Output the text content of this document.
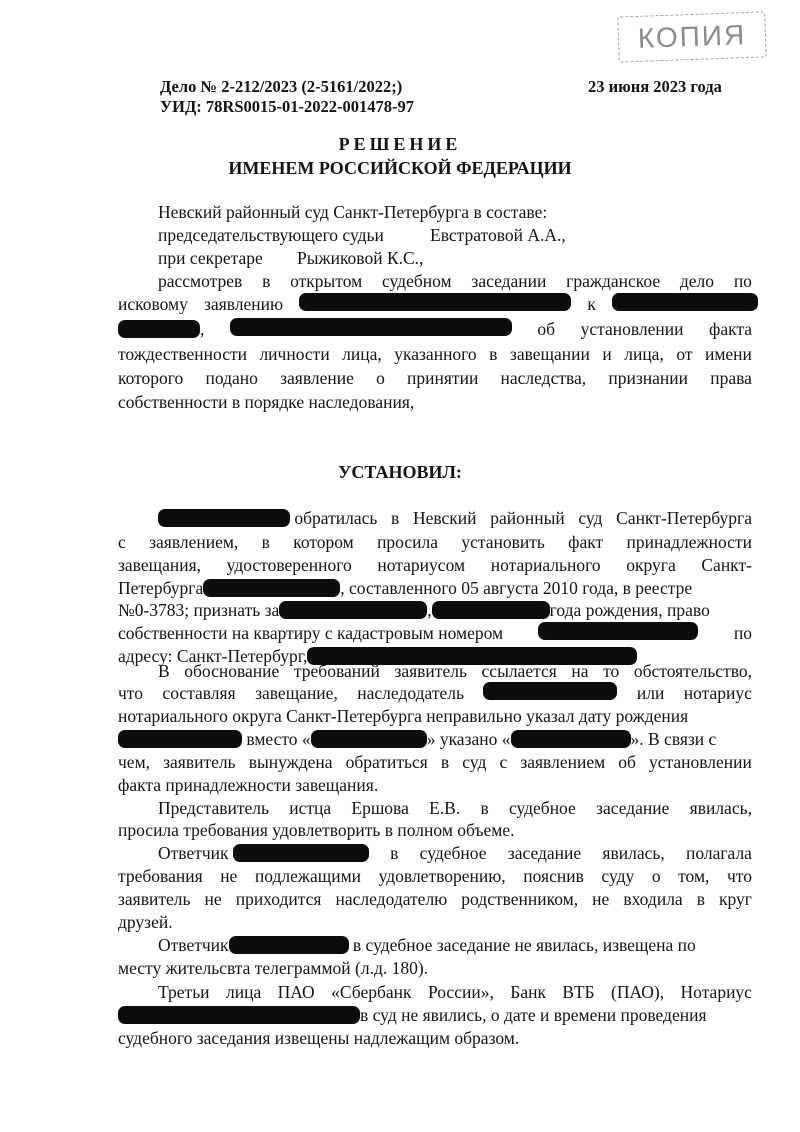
КОПИЯ
Дело № 2-212/2023 (2-5161/2022;)
УИД: 78RS0015-01-2022-001478-97
23 июня 2023 года
РЕШЕНИЕ
ИМЕНЕМ РОССИЙСКОЙ ФЕДЕРАЦИИ
Невский районный суд Санкт-Петербурга в составе:
председательствующего судьи	Евстратовой А.А.,
при секретаре Рыжиковой К.С.,
рассмотрев в открытом судебном заседании гражданское дело по
исковому заявлению	к
,	об установлении факта
тождественности личности лица, указанного в завещании и лица, от имени
которого подано заявление о принятии наследства, признании права
собственности в порядке наследования,
УСТАНОВИЛ:
обратилась в Невский районный суд Санкт-Петербурга
с заявлением, в котором просила установить факт принадлежности
завещания, удостоверенного нотариусом нотариального округа Санкт-
Петербурга	, составленного 05 августа 2010 года, в реестре
№0-3783; признать за	,	года рождения, право
собственности на квартиру с кадастровым номером	по
адресу: Санкт-Петербург,
В обоснование требований заявитель ссылается на то обстоятельство,
что составляя завещание, наследодатель	или нотариус
нотариального округа Санкт-Петербурга неправильно указал дату рождения
вместо «	» указано «	». В связи с
чем, заявитель вынуждена обратиться в суд с заявлением об установлении
факта принадлежности завещания.
Представитель истца Ершова Е.В. в судебное заседание явилась,
просила требования удовлетворить в полном объеме.
Ответчик	в судебное заседание явилась, полагала
требования не подлежащими удовлетворению, пояснив суду о том, что
заявитель не приходится наследодателю родственником, не входила в круг
друзей.
Ответчик	в судебное заседание не явилась, извещена по
месту жительсвта телеграммой (л.д. 180).
Третьи лица ПАО «Сбербанк России», Банк ВТБ (ПАО), Нотариус
в суд не явились, о дате и времени проведения
судебного заседания извещены надлежащим образом.
